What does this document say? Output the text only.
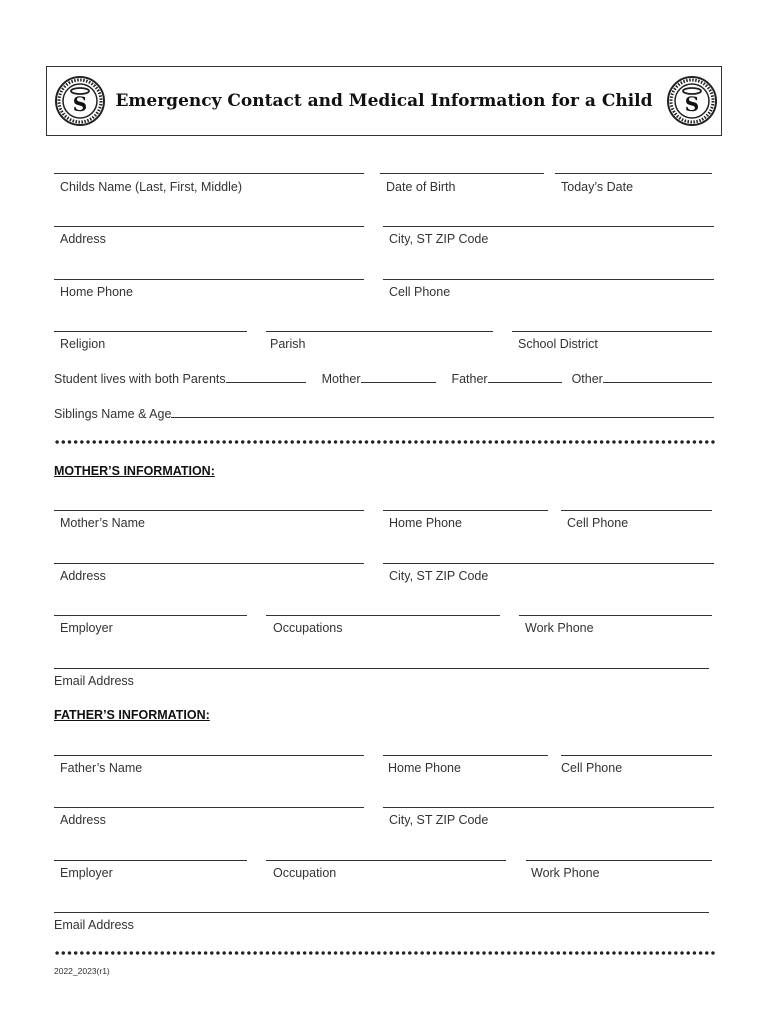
S	Emergency Contact and Medical Information for a Child	S
Childs Name (Last, First, Middle)	Date of Birth	Today’s Date
Address	City, ST ZIP Code
Home Phone	Cell Phone
Religion	Parish	School District
Student lives with both Parents	Mother	Father	Other
Siblings Name & Age
MOTHER’S INFORMATION:
Mother’s Name	Home Phone	Cell Phone
Address	City, ST ZIP Code
Employer	Occupations	Work Phone
Email Address
FATHER’S INFORMATION:
Father’s Name	Home Phone	Cell Phone
Address	City, ST ZIP Code
Employer	Occupation	Work Phone
Email Address
2022_2023(r1)
